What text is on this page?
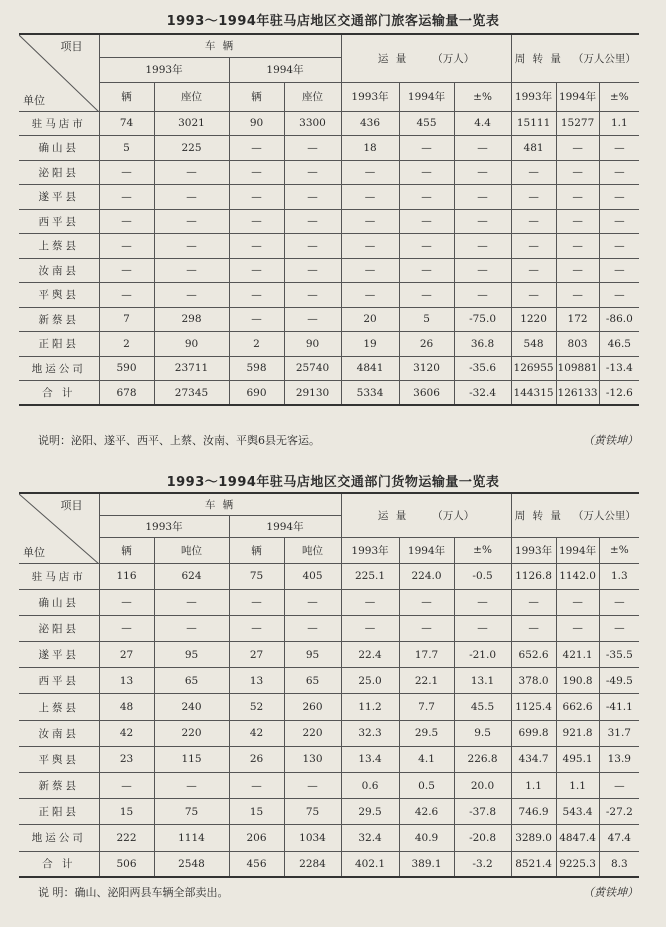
1993～1994年驻马店地区交通部门旅客运输量一览表
项目
单位	车 辆				运 量 （万人）			周 转 量 （万人公里）		
	1993年		1994年							
	辆	座位	辆	座位	1993年	1994年	±%	1993年	1994年	±%
驻马店市	74	3021	90	3300	436	455	4.4	15111	15277	1.1
确山县	5	225	—	—	18	—	—	481	—	—
泌阳县	—	—	—	—	—	—	—	—	—	—
遂平县	—	—	—	—	—	—	—	—	—	—
西平县	—	—	—	—	—	—	—	—	—	—
上蔡县	—	—	—	—	—	—	—	—	—	—
汝南县	—	—	—	—	—	—	—	—	—	—
平舆县	—	—	—	—	—	—	—	—	—	—
新蔡县	7	298	—	—	20	5	-75.0	1220	172	-86.0
正阳县	2	90	2	90	19	26	36.8	548	803	46.5
地运公司	590	23711	598	25740	4841	3120	-35.6	126955	109881	-13.4
合 计	678	27345	690	29130	5334	3606	-32.4	144315	126133	-12.6
说明：泌阳、遂平、西平、上蔡、汝南、平舆6县无客运。	（黄铁坤）
1993～1994年驻马店地区交通部门货物运输量一览表
项目
单位	车 辆				运 量 （万人）			周 转 量 （万人公里）		
	1993年		1994年							
	辆	吨位	辆	吨位	1993年	1994年	±%	1993年	1994年	±%
驻马店市	116	624	75	405	225.1	224.0	-0.5	1126.8	1142.0	1.3
确山县	—	—	—	—	—	—	—	—	—	—
泌阳县	—	—	—	—	—	—	—	—	—	—
遂平县	27	95	27	95	22.4	17.7	-21.0	652.6	421.1	-35.5
西平县	13	65	13	65	25.0	22.1	13.1	378.0	190.8	-49.5
上蔡县	48	240	52	260	11.2	7.7	45.5	1125.4	662.6	-41.1
汝南县	42	220	42	220	32.3	29.5	9.5	699.8	921.8	31.7
平舆县	23	115	26	130	13.4	4.1	226.8	434.7	495.1	13.9
新蔡县	—	—	—	—	0.6	0.5	20.0	1.1	1.1	—
正阳县	15	75	15	75	29.5	42.6	-37.8	746.9	543.4	-27.2
地运公司	222	1114	206	1034	32.4	40.9	-20.8	3289.0	4847.4	47.4
合 计	506	2548	456	2284	402.1	389.1	-3.2	8521.4	9225.3	8.3
说 明：确山、泌阳两县车辆全部卖出。	（黄铁坤）
